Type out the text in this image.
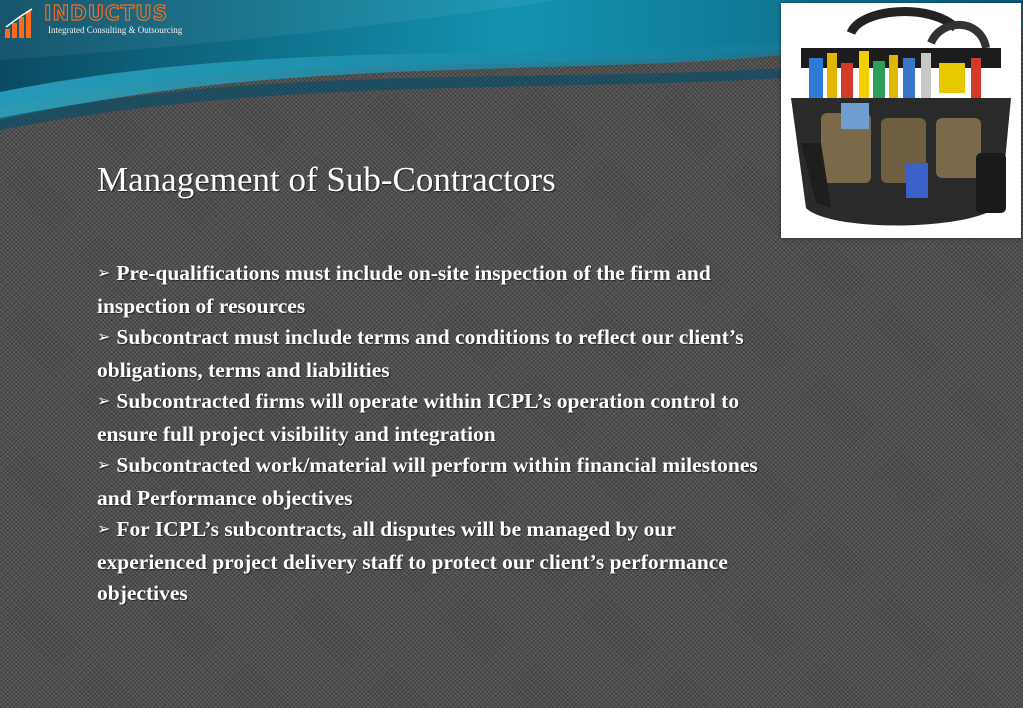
INDUCTUS
Integrated Consulting & Outsourcing
Management of Sub-Contractors
➢ Pre-qualifications must include on-site inspection of the firm and inspection of resources
➢ Subcontract must include terms and conditions to reflect our client’s obligations, terms and liabilities
➢ Subcontracted firms will operate within ICPL’s operation control to ensure full project visibility and integration
➢ Subcontracted work/material will perform within financial milestones and Performance objectives
➢ For ICPL’s subcontracts, all disputes will be managed by our experienced project delivery staff to protect our client’s performance objectives
